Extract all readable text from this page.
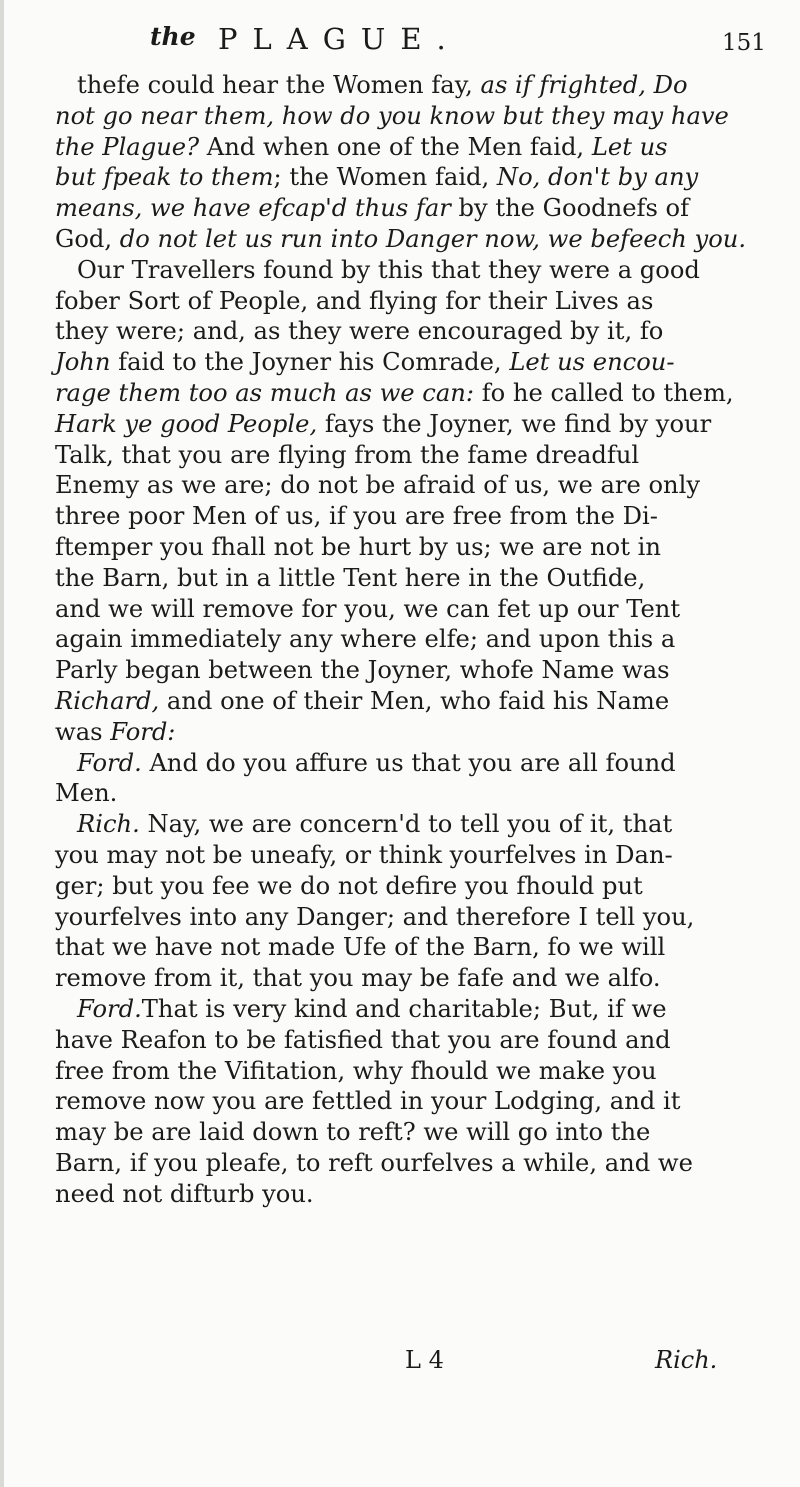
the PLAGUE.	151
thefe could hear the Women fay, as if frighted, Do
not go near them, how do you know but they may have
the Plague? And when one of the Men faid, Let us
but fpeak to them; the Women faid, No, don't by any
means, we have efcap'd thus far by the Goodnefs of
God, do not let us run into Danger now, we befeech you.
Our Travellers found by this that they were a good
fober Sort of People, and flying for their Lives as
they were; and, as they were encouraged by it, fo
John faid to the Joyner his Comrade, Let us encou-
rage them too as much as we can: fo he called to them,
Hark ye good People, fays the Joyner, we find by your
Talk, that you are flying from the fame dreadful
Enemy as we are; do not be afraid of us, we are only
three poor Men of us, if you are free from the Di-
ftemper you fhall not be hurt by us; we are not in
the Barn, but in a little Tent here in the Outfide,
and we will remove for you, we can fet up our Tent
again immediately any where elfe; and upon this a
Parly began between the Joyner, whofe Name was
Richard, and one of their Men, who faid his Name
was Ford:
Ford. And do you affure us that you are all found
Men.
Rich. Nay, we are concern'd to tell you of it, that
you may not be uneafy, or think yourfelves in Dan-
ger; but you fee we do not defire you fhould put
yourfelves into any Danger; and therefore I tell you,
that we have not made Ufe of the Barn, fo we will
remove from it, that you may be fafe and we alfo.
Ford.That is very kind and charitable; But, if we
have Reafon to be fatisfied that you are found and
free from the Vifitation, why fhould we make you
remove now you are fettled in your Lodging, and it
may be are laid down to reft? we will go into the
Barn, if you pleafe, to reft ourfelves a while, and we
need not difturb you.
L 4	Rich.
